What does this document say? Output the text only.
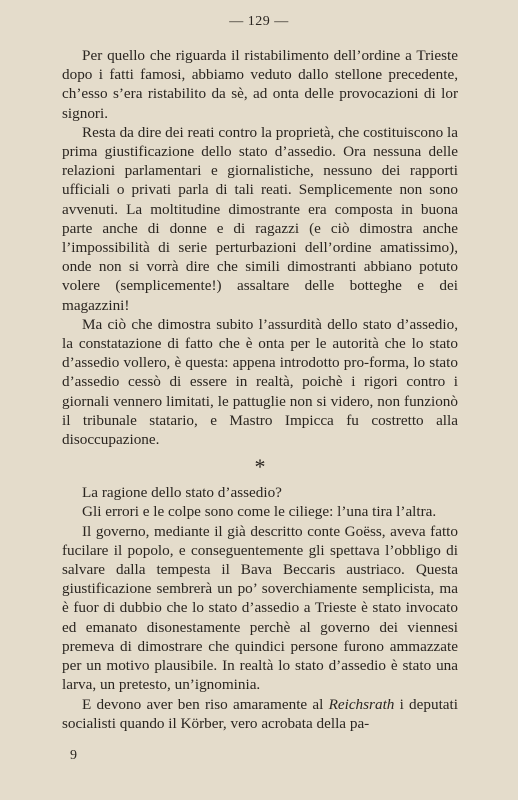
— 129 —

Per quello che riguarda il ristabilimento dell’ordine a Trieste dopo i fatti famosi, abbiamo veduto dallo stellone precedente, ch’esso s’era ristabilito da sè, ad onta delle provocazioni di lor signori.

Resta da dire dei reati contro la proprietà, che costituiscono la prima giustificazione dello stato d’assedio. Ora nessuna delle relazioni parlamentari e giornalistiche, nessuno dei rapporti ufficiali o privati parla di tali reati. Semplicemente non sono avvenuti. La moltitudine dimostrante era composta in buona parte anche di donne e di ragazzi (e ciò dimostra anche l’impossibilità di serie perturbazioni dell’ordine amatissimo), onde non si vorrà dire che simili dimostranti abbiano potuto volere (semplicemente!) assaltare delle botteghe e dei magazzini!

Ma ciò che dimostra subito l’assurdità dello stato d’assedio, la constatazione di fatto che è onta per le autorità che lo stato d’assedio vollero, è questa: appena introdotto pro-forma, lo stato d’assedio cessò di essere in realtà, poichè i rigori contro i giornali vennero limitati, le pattuglie non si videro, non funzionò il tribunale statario, e Mastro Impicca fu costretto alla disoccupazione.

*

La ragione dello stato d’assedio?

Gli errori e le colpe sono come le ciliege: l’una tira l’altra.

Il governo, mediante il già descritto conte Goëss, aveva fatto fucilare il popolo, e conseguentemente gli spettava l’obbligo di salvare dalla tempesta il Bava Beccaris austriaco. Questa giustificazione sembrerà un po’ soverchiamente semplicista, ma è fuor di dubbio che lo stato d’assedio a Trieste è stato invocato ed emanato disonestamente perchè al governo dei viennesi premeva di dimostrare che quindici persone furono ammazzate per un motivo plausibile. In realtà lo stato d’assedio è stato una larva, un pretesto, un’ignominia.

E devono aver ben riso amaramente al Reichsrath i deputati socialisti quando il Körber, vero acrobata della pa-

9
